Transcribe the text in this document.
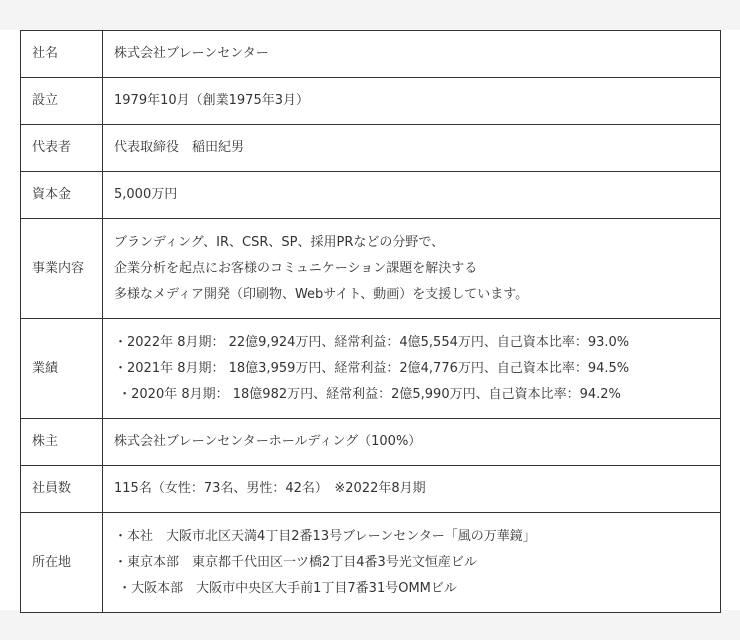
社名	株式会社ブレーンセンター

設立	1979年10月（創業1975年3月）

代表者	代表取締役　稲田紀男

資本金	5,000万円

事業内容	ブランディング、IR、CSR、SP、採用PRなどの分野で、
企業分析を起点にお客様のコミュニケーション課題を解決する
多様なメディア開発（印刷物、Webサイト、動画）を支援しています。

業績	・2022年 8月期： 22億9,924万円、経常利益：4億5,554万円、自己資本比率：93.0%
・2021年 8月期： 18億3,959万円、経常利益：2億4,776万円、自己資本比率：94.5%
・2020年 8月期： 18億982万円、経常利益：2億5,990万円、自己資本比率：94.2%

株主	株式会社ブレーンセンターホールディング（100%）

社員数	115名（女性：73名、男性：42名）　※2022年8月期

所在地	・本社　大阪市北区天満4丁目2番13号ブレーンセンター「風の万華鏡」
・東京本部　東京都千代田区一ツ橋2丁目4番3号光文恒産ビル
・大阪本部　大阪市中央区大手前1丁目7番31号OMMビル
